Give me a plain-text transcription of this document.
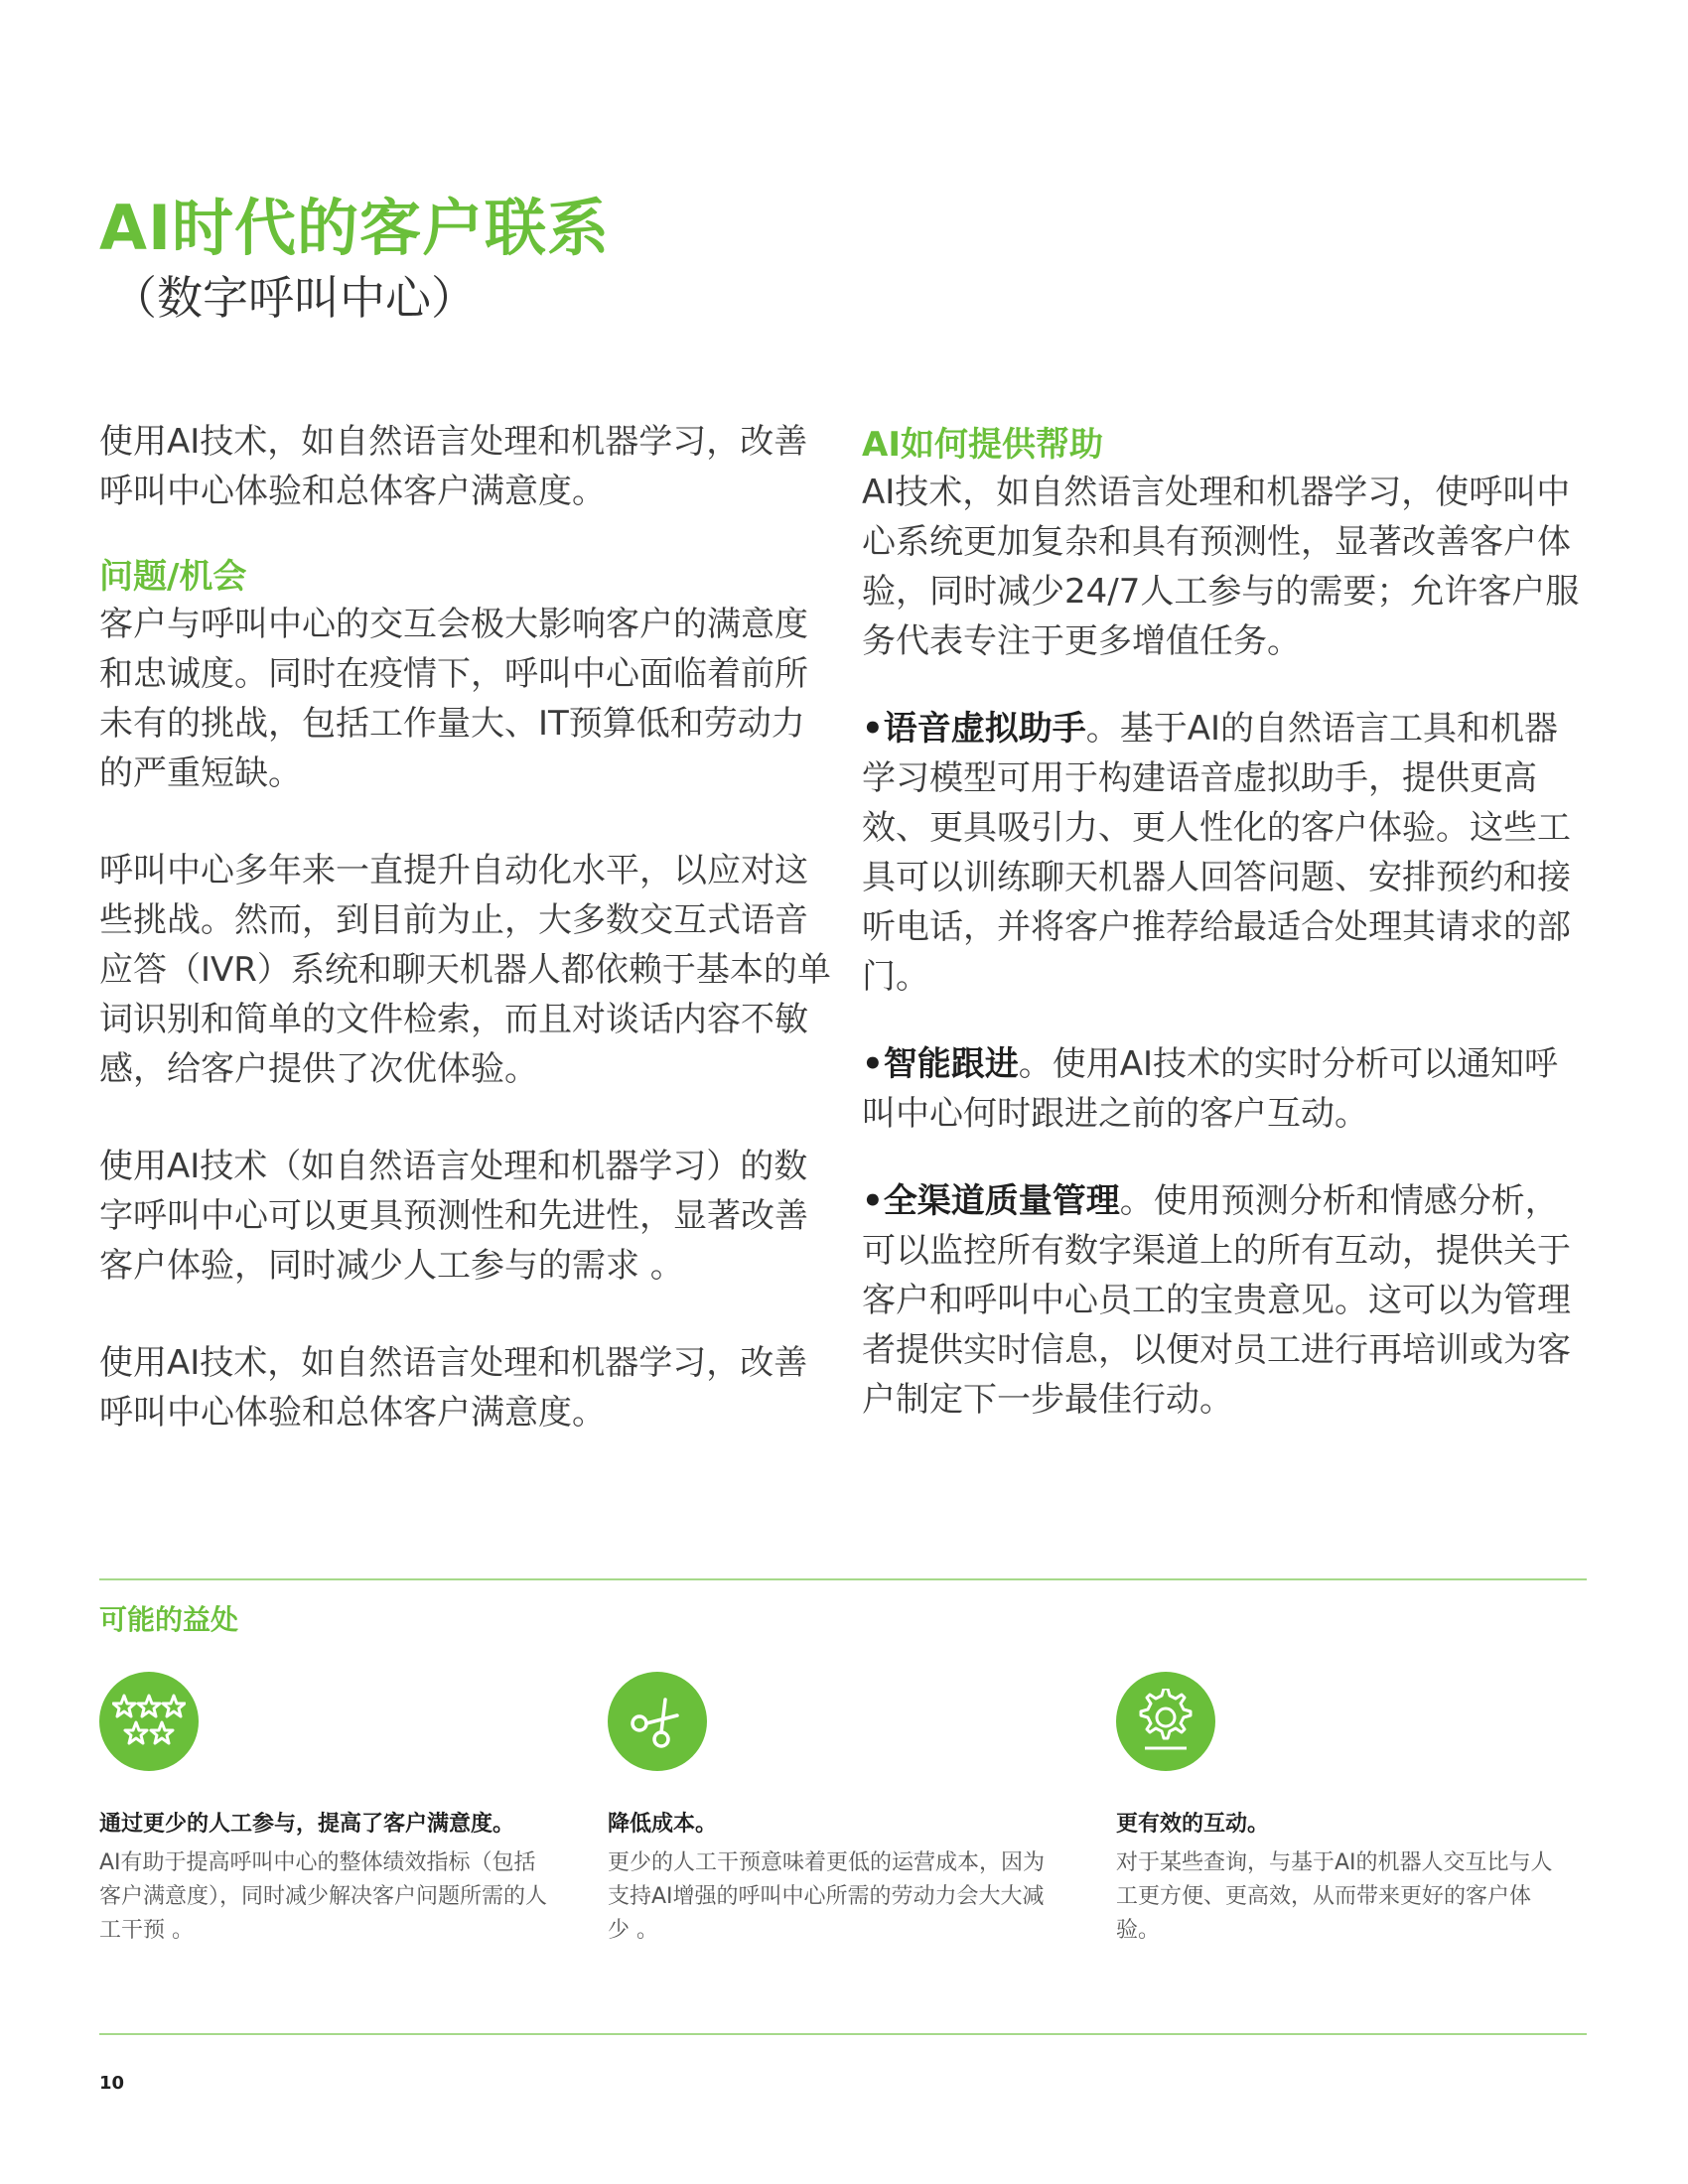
AI时代的客户联系
（数字呼叫中心）

使用AI技术，如自然语言处理和机器学习，改善呼叫中心体验和总体客户满意度。

问题/机会

客户与呼叫中心的交互会极大影响客户的满意度和忠诚度。同时在疫情下，呼叫中心面临着前所未有的挑战，包括工作量大、IT预算低和劳动力的严重短缺。

呼叫中心多年来一直提升自动化水平，以应对这些挑战。然而，到目前为止，大多数交互式语音应答（IVR）系统和聊天机器人都依赖于基本的单词识别和简单的文件检索，而且对谈话内容不敏感，给客户提供了次优体验。

使用AI技术（如自然语言处理和机器学习）的数字呼叫中心可以更具预测性和先进性，显著改善客户体验，同时减少人工参与的需求 。

使用AI技术，如自然语言处理和机器学习，改善呼叫中心体验和总体客户满意度。

AI如何提供帮助

AI技术，如自然语言处理和机器学习，使呼叫中心系统更加复杂和具有预测性，显著改善客户体验，同时减少24/7人工参与的需要；允许客户服务代表专注于更多增值任务。

•语音虚拟助手。基于AI的自然语言工具和机器学习模型可用于构建语音虚拟助手，提供更高效、更具吸引力、更人性化的客户体验。这些工具可以训练聊天机器人回答问题、安排预约和接听电话，并将客户推荐给最适合处理其请求的部门。

•智能跟进。使用AI技术的实时分析可以通知呼叫中心何时跟进之前的客户互动。

•全渠道质量管理。使用预测分析和情感分析，可以监控所有数字渠道上的所有互动，提供关于客户和呼叫中心员工的宝贵意见。这可以为管理者提供实时信息，以便对员工进行再培训或为客户制定下一步最佳行动。

可能的益处

通过更少的人工参与，提高了客户满意度。

AI有助于提高呼叫中心的整体绩效指标（包括客户满意度），同时减少解决客户问题所需的人工干预 。

降低成本。

更少的人工干预意味着更低的运营成本，因为支持AI增强的呼叫中心所需的劳动力会大大减少 。

更有效的互动。

对于某些查询，与基于AI的机器人交互比与人工更方便、更高效，从而带来更好的客户体验。

10
